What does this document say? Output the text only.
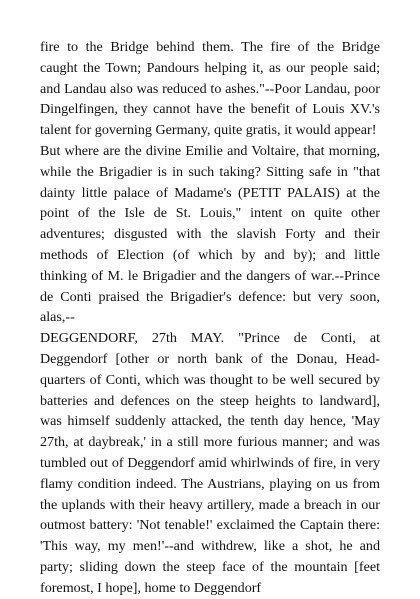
fire to the Bridge behind them. The fire of the Bridge caught the Town; Pandours helping it, as our people said; and Landau also was reduced to ashes."--Poor Landau, poor Dingelfingen, they cannot have the benefit of Louis XV.'s talent for governing Germany, quite gratis, it would appear!

But where are the divine Emilie and Voltaire, that morning, while the Brigadier is in such taking? Sitting safe in "that dainty little palace of Madame's (PETIT PALAIS) at the point of the Isle de St. Louis," intent on quite other adventures; disgusted with the slavish Forty and their methods of Election (of which by and by); and little thinking of M. le Brigadier and the dangers of war.--Prince de Conti praised the Brigadier's defence: but very soon, alas,--

DEGGENDORF, 27th MAY. "Prince de Conti, at Deggendorf [other or north bank of the Donau, Head-quarters of Conti, which was thought to be well secured by batteries and defences on the steep heights to landward], was himself suddenly attacked, the tenth day hence, 'May 27th, at daybreak,' in a still more furious manner; and was tumbled out of Deggendorf amid whirlwinds of fire, in very flamy condition indeed. The Austrians, playing on us from the uplands with their heavy artillery, made a breach in our outmost battery: 'Not tenable!' exclaimed the Captain there: 'This way, my men!'--and withdrew, like a shot, he and party; sliding down the steep face of the mountain [feet foremost, I hope], home to Deggendorf
